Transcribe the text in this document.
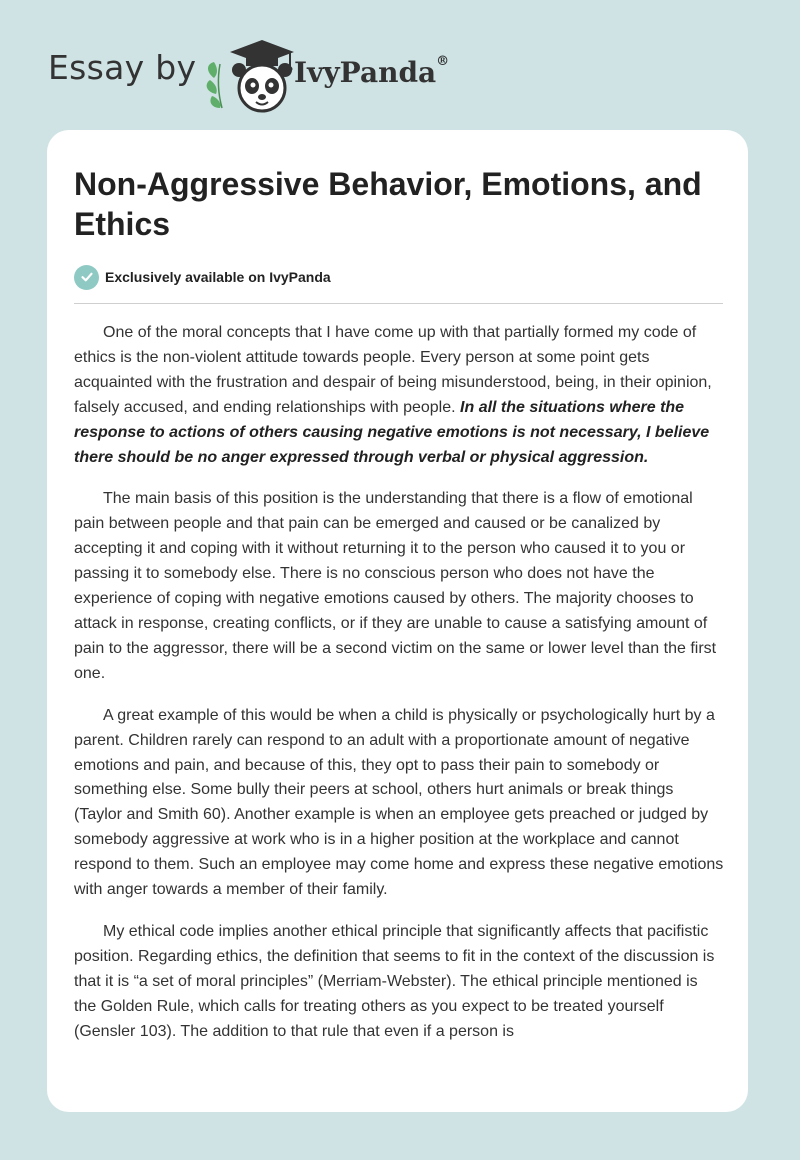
Essay by	IvyPanda®
Non-Aggressive Behavior, Emotions, and Ethics
Exclusively available on IvyPanda

One of the moral concepts that I have come up with that partially formed my code of ethics is the non-violent attitude towards people. Every person at some point gets acquainted with the frustration and despair of being misunderstood, being, in their opinion, falsely accused, and ending relationships with people. In all the situations where the response to actions of others causing negative emotions is not necessary, I believe there should be no anger expressed through verbal or physical aggression.

The main basis of this position is the understanding that there is a flow of emotional pain between people and that pain can be emerged and caused or be canalized by accepting it and coping with it without returning it to the person who caused it to you or passing it to somebody else. There is no conscious person who does not have the experience of coping with negative emotions caused by others. The majority chooses to attack in response, creating conflicts, or if they are unable to cause a satisfying amount of pain to the aggressor, there will be a second victim on the same or lower level than the first one.

A great example of this would be when a child is physically or psychologically hurt by a parent. Children rarely can respond to an adult with a proportionate amount of negative emotions and pain, and because of this, they opt to pass their pain to somebody or something else. Some bully their peers at school, others hurt animals or break things (Taylor and Smith 60). Another example is when an employee gets preached or judged by somebody aggressive at work who is in a higher position at the workplace and cannot respond to them. Such an employee may come home and express these negative emotions with anger towards a member of their family.

My ethical code implies another ethical principle that significantly affects that pacifistic position. Regarding ethics, the definition that seems to fit in the context of the discussion is that it is “a set of moral principles” (Merriam-Webster). The ethical principle mentioned is the Golden Rule, which calls for treating others as you expect to be treated yourself (Gensler 103). The addition to that rule that even if a person is
